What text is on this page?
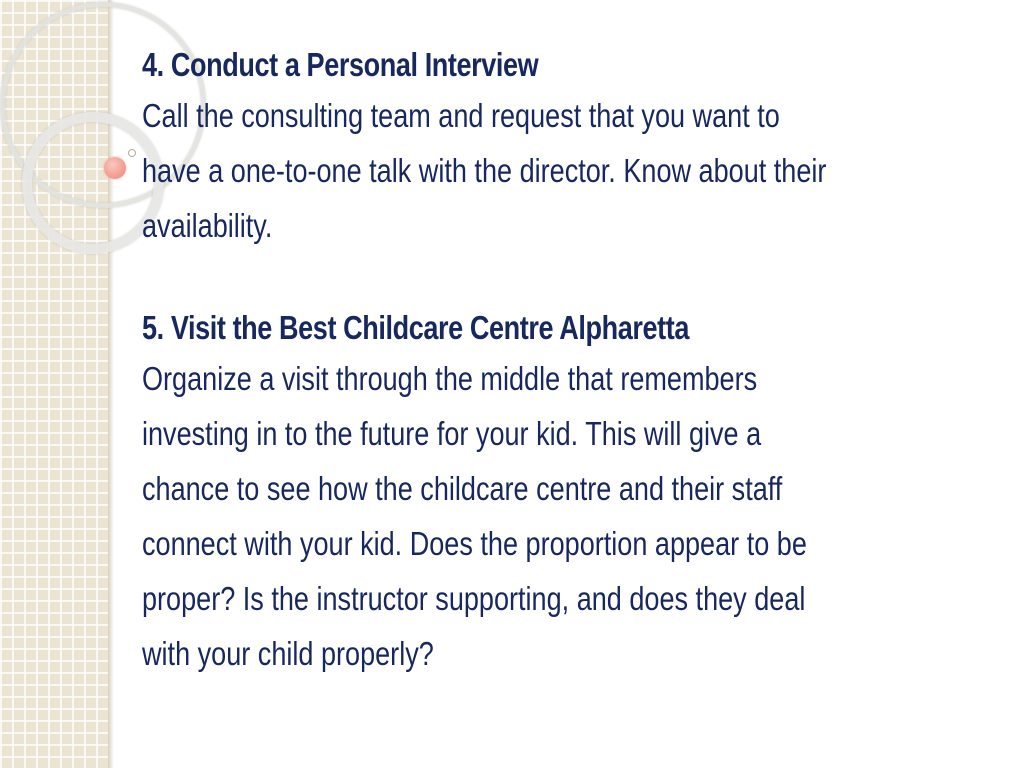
4. Conduct a Personal Interview
Call the consulting team and request that you want to
have a one-to-one talk with the director. Know about their
availability.
5. Visit the Best Childcare Centre Alpharetta
Organize a visit through the middle that remembers
investing in to the future for your kid. This will give a
chance to see how the childcare centre and their staff
connect with your kid. Does the proportion appear to be
proper? Is the instructor supporting, and does they deal
with your child properly?
